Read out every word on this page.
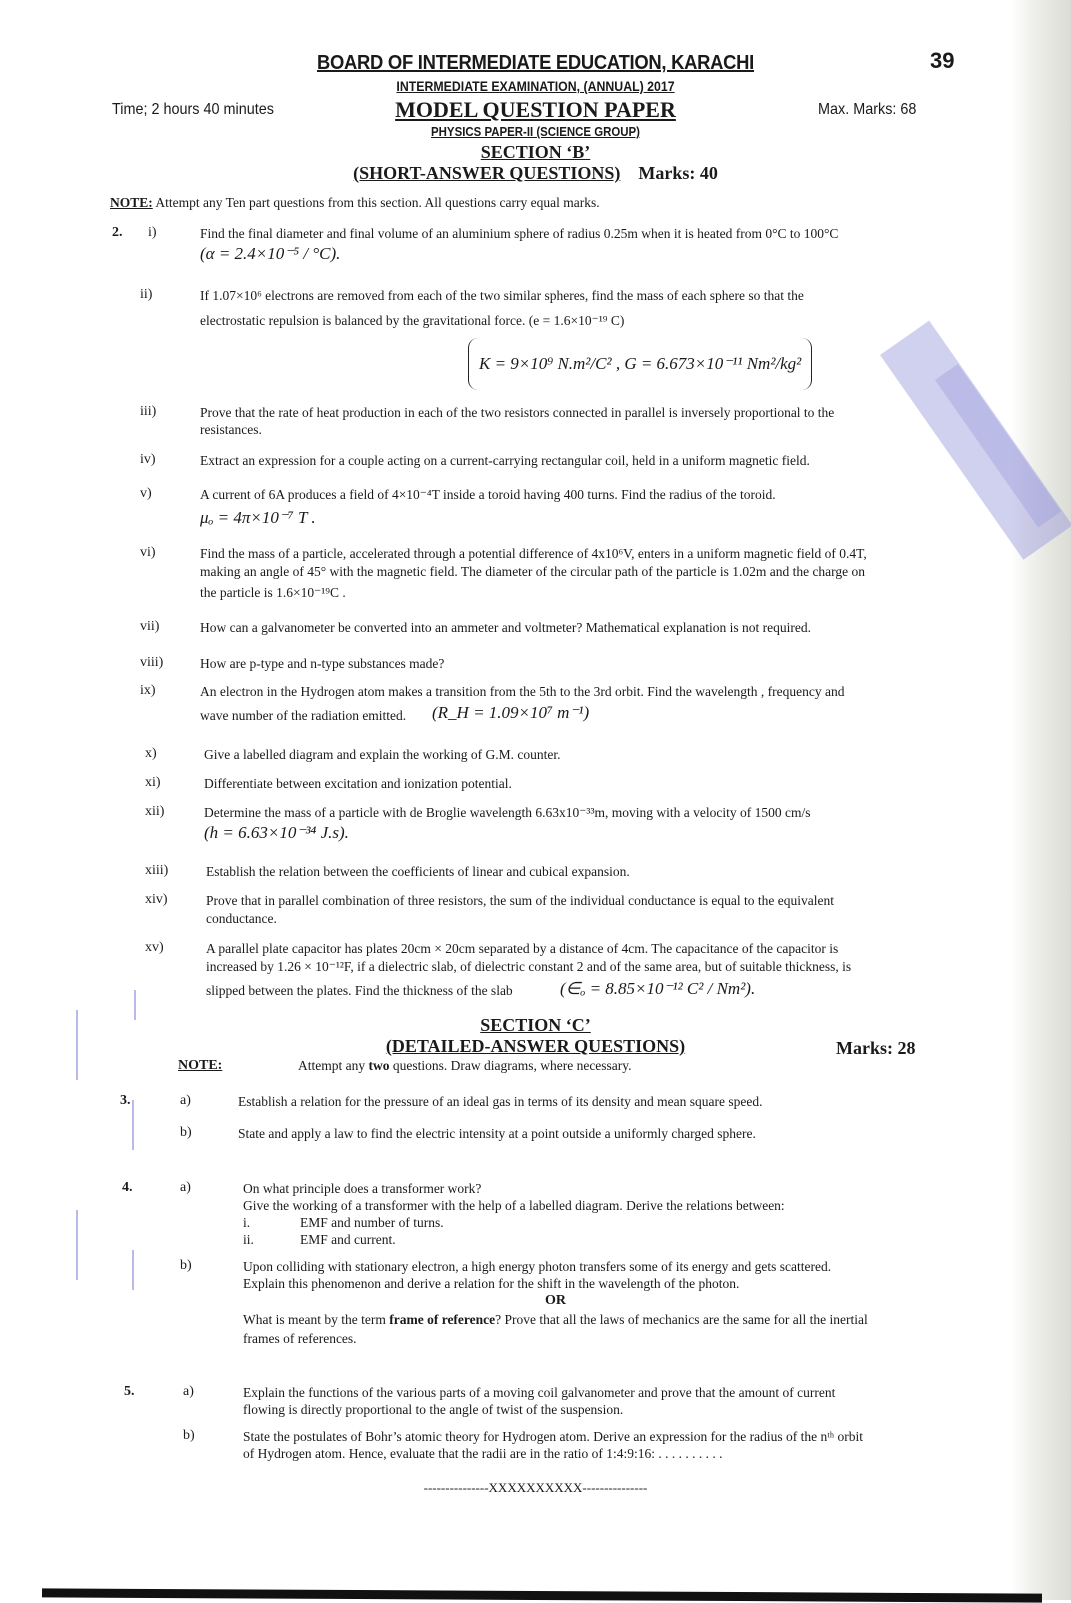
39
BOARD OF INTERMEDIATE EDUCATION, KARACHI
INTERMEDIATE EXAMINATION, (ANNUAL) 2017
Time; 2 hours 40 minutes	MODEL QUESTION PAPER	Max. Marks: 68
PHYSICS PAPER-II (SCIENCE GROUP)
SECTION ‘B’
(SHORT-ANSWER QUESTIONS) Marks: 40
NOTE: Attempt any Ten part questions from this section. All questions carry equal marks.
2. i)	Find the final diameter and final volume of an aluminium sphere of radius 0.25m when it is heated from 0°C to 100°C
(α = 2.4×10⁻⁵ / °C).
ii)	If 1.07×10⁶ electrons are removed from each of the two similar spheres, find the mass of each sphere so that the
electrostatic repulsion is balanced by the gravitational force. (e = 1.6×10⁻¹⁹ C)
K = 9×10⁹ N.m²/C² , G = 6.673×10⁻¹¹ Nm²/kg²
iii)	Prove that the rate of heat production in each of the two resistors connected in parallel is inversely proportional to the
resistances.
iv)	Extract an expression for a couple acting on a current-carrying rectangular coil, held in a uniform magnetic field.
v)	A current of 6A produces a field of 4×10⁻⁴T inside a toroid having 400 turns. Find the radius of the toroid.
μₒ = 4π×10⁻⁷ T .
vi)	Find the mass of a particle, accelerated through a potential difference of 4x10⁶V, enters in a uniform magnetic field of 0.4T,
making an angle of 45° with the magnetic field. The diameter of the circular path of the particle is 1.02m and the charge on
the particle is 1.6×10⁻¹⁹C .
vii)	How can a galvanometer be converted into an ammeter and voltmeter? Mathematical explanation is not required.
viii)	How are p-type and n-type substances made?
ix)	An electron in the Hydrogen atom makes a transition from the 5th to the 3rd orbit. Find the wavelength , frequency and
wave number of the radiation emitted. (R_H = 1.09×10⁷ m⁻¹)
x)	Give a labelled diagram and explain the working of G.M. counter.
xi)	Differentiate between excitation and ionization potential.
xii)	Determine the mass of a particle with de Broglie wavelength 6.63x10⁻³³m, moving with a velocity of 1500 cm/s
(h = 6.63×10⁻³⁴ J.s).
xiii)	Establish the relation between the coefficients of linear and cubical expansion.
xiv)	Prove that in parallel combination of three resistors, the sum of the individual conductance is equal to the equivalent
conductance.
xv)	A parallel plate capacitor has plates 20cm × 20cm separated by a distance of 4cm. The capacitance of the capacitor is
increased by 1.26 × 10⁻¹²F, if a dielectric slab, of dielectric constant 2 and of the same area, but of suitable thickness, is
slipped between the plates. Find the thickness of the slab	(∈ₒ = 8.85×10⁻¹² C² / Nm²).
SECTION ‘C’
(DETAILED-ANSWER QUESTIONS)	Marks: 28
NOTE:	Attempt any two questions. Draw diagrams, where necessary.
3.	a)	Establish a relation for the pressure of an ideal gas in terms of its density and mean square speed.
b)	State and apply a law to find the electric intensity at a point outside a uniformly charged sphere.
4.	a)	On what principle does a transformer work?
Give the working of a transformer with the help of a labelled diagram. Derive the relations between:
i.	EMF and number of turns.
ii.	EMF and current.
b)	Upon colliding with stationary electron, a high energy photon transfers some of its energy and gets scattered.
Explain this phenomenon and derive a relation for the shift in the wavelength of the photon.
OR
What is meant by the term frame of reference? Prove that all the laws of mechanics are the same for all the inertial
frames of references.
5.	a)	Explain the functions of the various parts of a moving coil galvanometer and prove that the amount of current
flowing is directly proportional to the angle of twist of the suspension.
b)	State the postulates of Bohr’s atomic theory for Hydrogen atom. Derive an expression for the radius of the nᵗʰ orbit
of Hydrogen atom. Hence, evaluate that the radii are in the ratio of 1:4:9:16: . . . . . . . . . .
---------------XXXXXXXXXX---------------
